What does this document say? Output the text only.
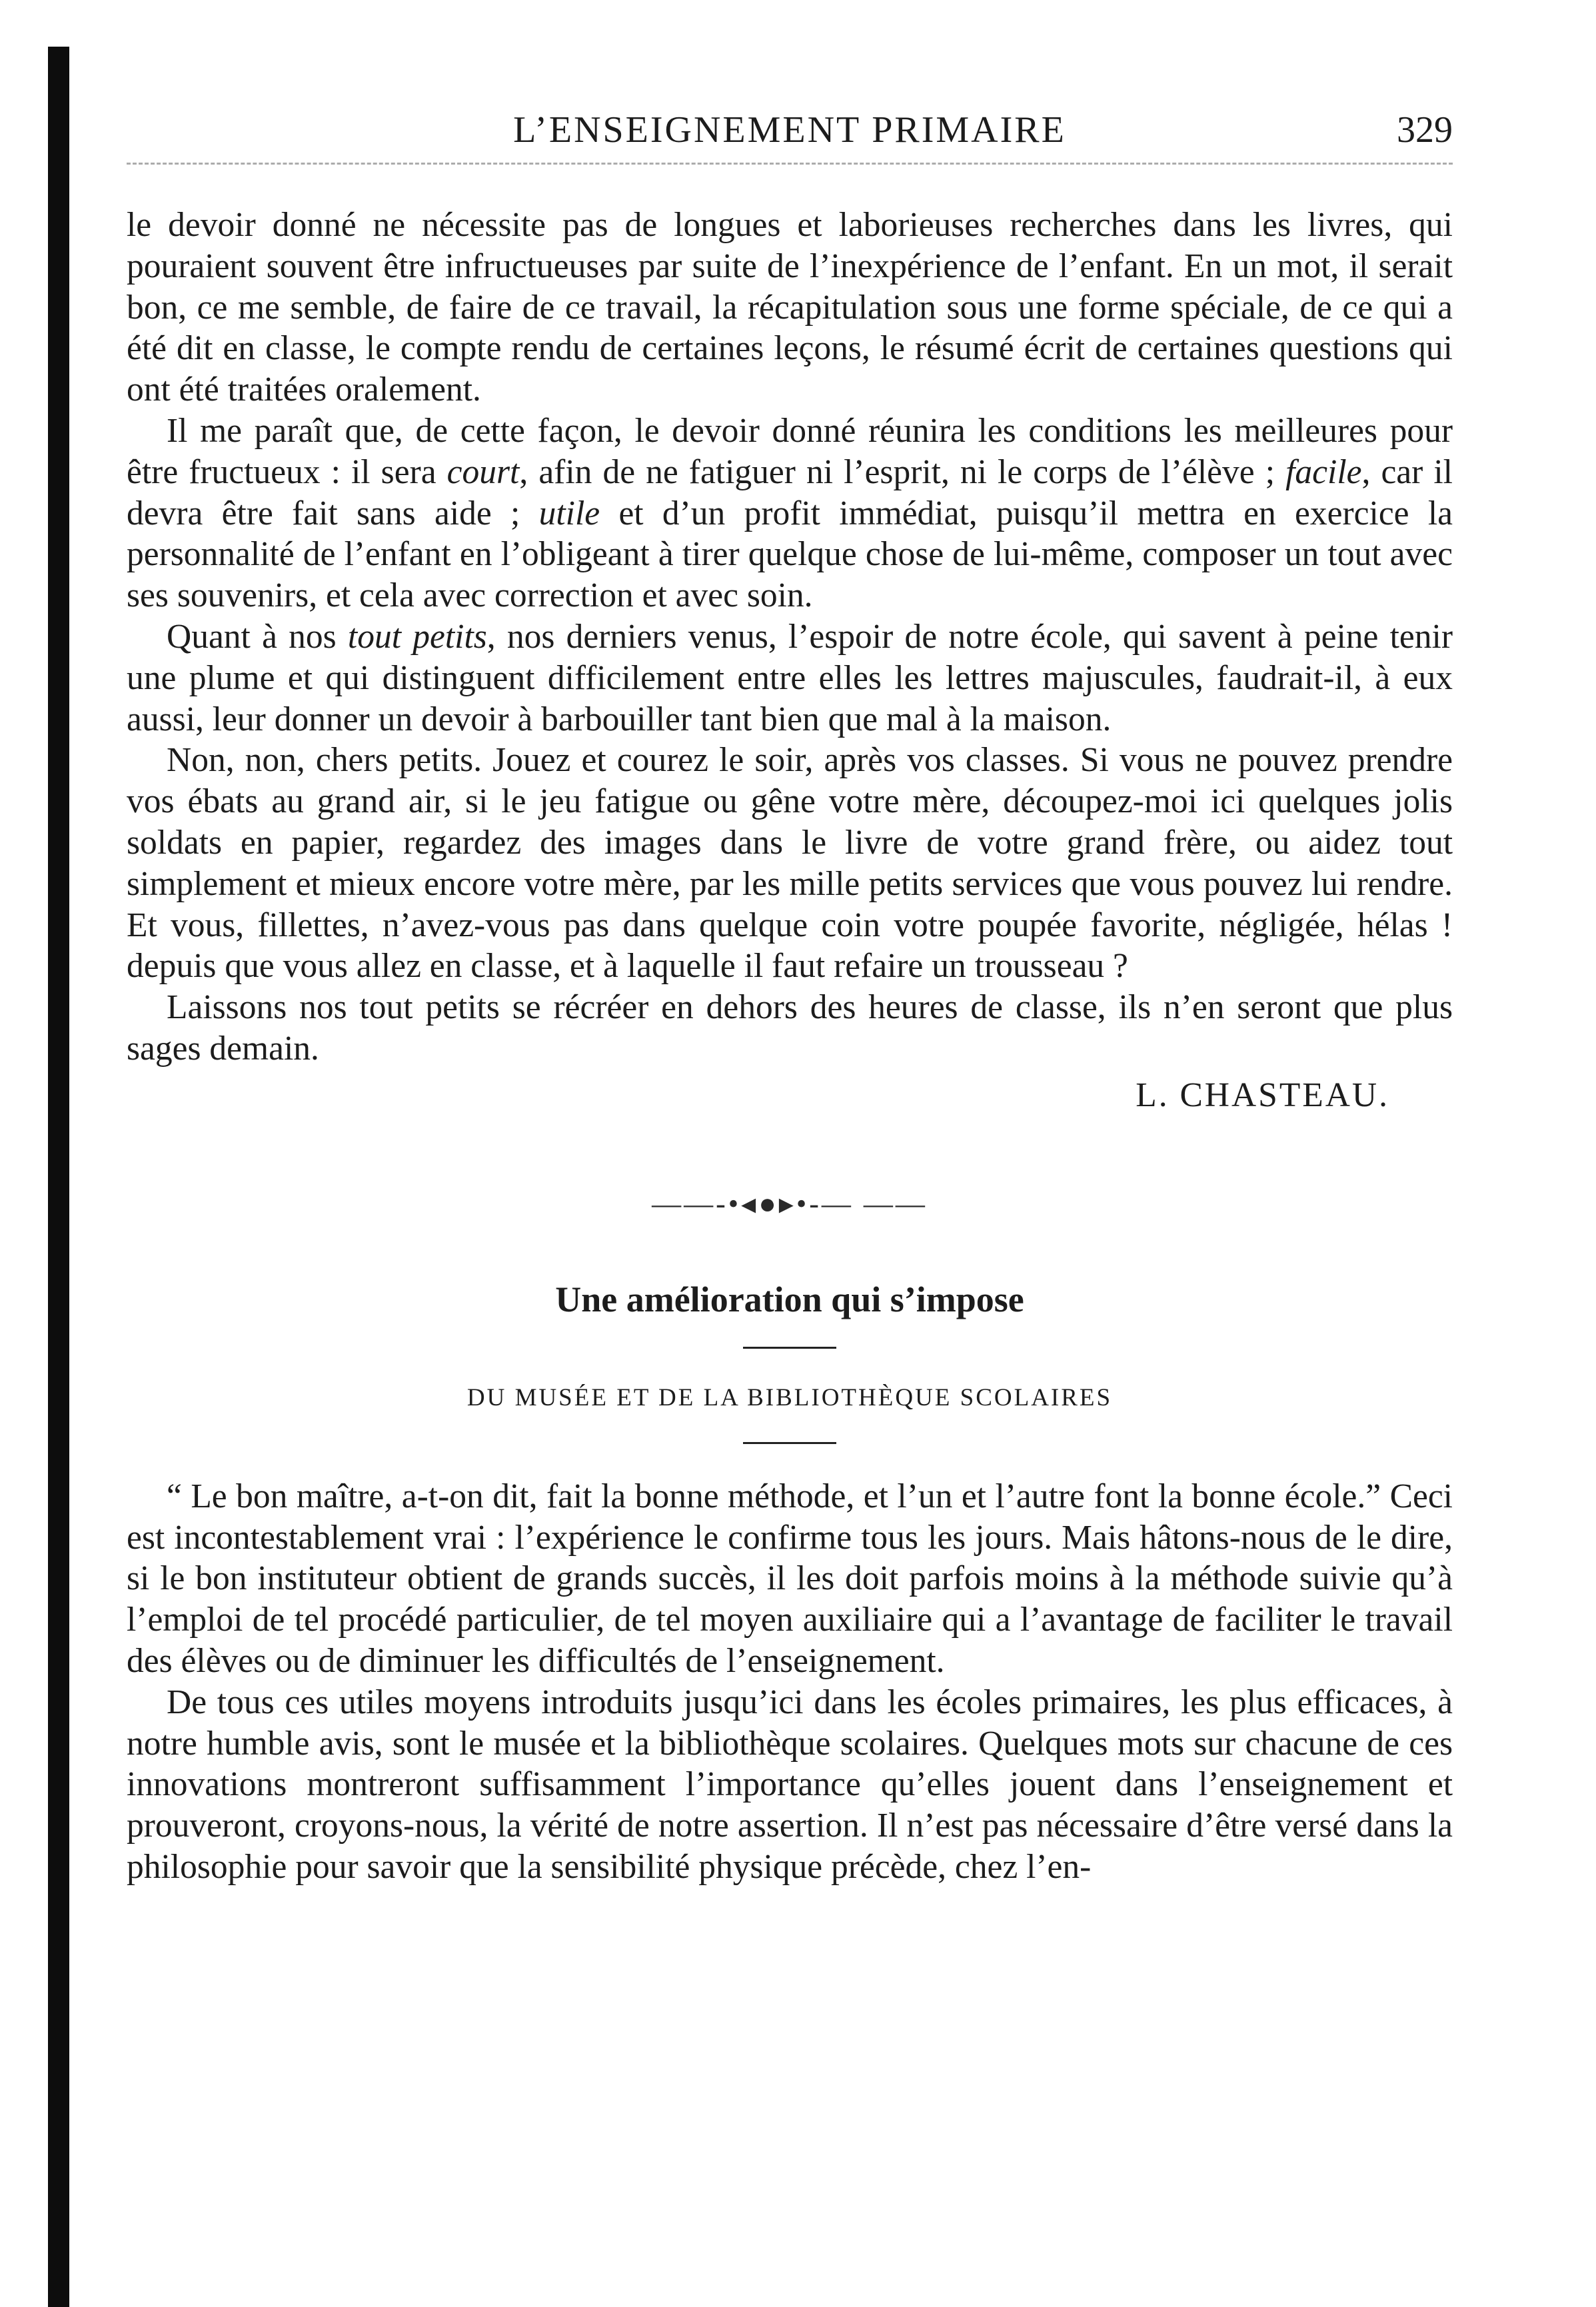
L’ENSEIGNEMENT PRIMAIRE	329

le devoir donné ne nécessite pas de longues et laborieuses recherches dans les livres, qui pouraient souvent être infructueuses par suite de l’inexpérience de l’enfant. En un mot, il serait bon, ce me semble, de faire de ce travail, la récapitulation sous une forme spéciale, de ce qui a été dit en classe, le compte rendu de certaines leçons, le résumé écrit de certaines questions qui ont été traitées oralement.

Il me paraît que, de cette façon, le devoir donné réunira les conditions les meilleures pour être fructueux : il sera court, afin de ne fatiguer ni l’esprit, ni le corps de l’élève ; facile, car il devra être fait sans aide ; utile et d’un profit immédiat, puisqu’il mettra en exercice la personnalité de l’enfant en l’obligeant à tirer quelque chose de lui-même, composer un tout avec ses souvenirs, et cela avec correction et avec soin.

Quant à nos tout petits, nos derniers venus, l’espoir de notre école, qui savent à peine tenir une plume et qui distinguent difficilement entre elles les lettres majuscules, faudrait-il, à eux aussi, leur donner un devoir à barbouiller tant bien que mal à la maison.

Non, non, chers petits. Jouez et courez le soir, après vos classes. Si vous ne pouvez prendre vos ébats au grand air, si le jeu fatigue ou gêne votre mère, découpez-moi ici quelques jolis soldats en papier, regardez des images dans le livre de votre grand frère, ou aidez tout simplement et mieux encore votre mère, par les mille petits services que vous pouvez lui rendre. Et vous, fillettes, n’avez-vous pas dans quelque coin votre poupée favorite, négligée, hélas ! depuis que vous allez en classe, et à laquelle il faut refaire un trousseau ?

Laissons nos tout petits se récréer en dehors des heures de classe, ils n’en seront que plus sages demain.

L. CHASTEAU.
——-•◂●▸•-— ——
Une amélioration qui s’impose
DU MUSÉE ET DE LA BIBLIOTHÈQUE SCOLAIRES

“ Le bon maître, a-t-on dit, fait la bonne méthode, et l’un et l’autre font la bonne école.” Ceci est incontestablement vrai : l’expérience le confirme tous les jours. Mais hâtons-nous de le dire, si le bon instituteur obtient de grands succès, il les doit parfois moins à la méthode suivie qu’à l’emploi de tel procédé particulier, de tel moyen auxiliaire qui a l’avantage de faciliter le travail des élèves ou de diminuer les difficultés de l’enseignement.

De tous ces utiles moyens introduits jusqu’ici dans les écoles primaires, les plus efficaces, à notre humble avis, sont le musée et la bibliothèque scolaires. Quelques mots sur chacune de ces innovations montreront suffisamment l’importance qu’elles jouent dans l’enseignement et prouveront, croyons-nous, la vérité de notre assertion. Il n’est pas nécessaire d’être versé dans la philosophie pour savoir que la sensibilité physique précède, chez l’en-
